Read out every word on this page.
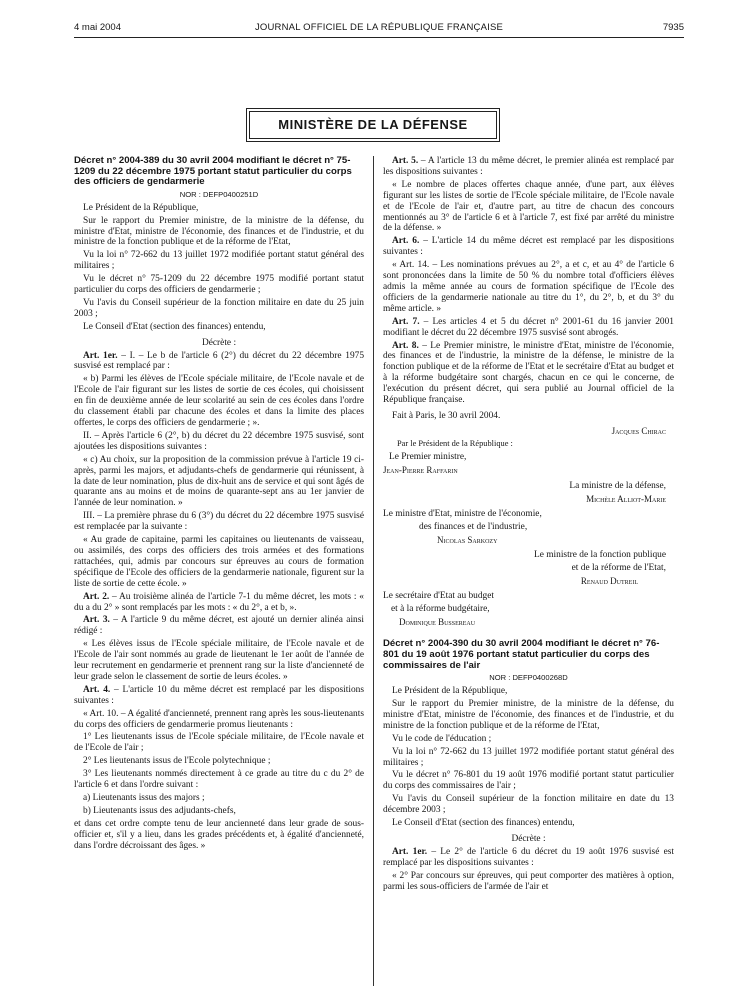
4 mai 2004	JOURNAL OFFICIEL DE LA RÉPUBLIQUE FRANÇAISE	7935
MINISTÈRE DE LA DÉFENSE

Décret n° 2004-389 du 30 avril 2004 modifiant le décret n° 75-1209 du 22 décembre 1975 portant statut particulier du corps des officiers de gendarmerie

NOR : DEFP0400251D

Le Président de la République,

Sur le rapport du Premier ministre, de la ministre de la défense, du ministre d'Etat, ministre de l'économie, des finances et de l'industrie, et du ministre de la fonction publique et de la réforme de l'Etat,

Vu la loi n° 72-662 du 13 juillet 1972 modifiée portant statut général des militaires ;

Vu le décret n° 75-1209 du 22 décembre 1975 modifié portant statut particulier du corps des officiers de gendarmerie ;

Vu l'avis du Conseil supérieur de la fonction militaire en date du 25 juin 2003 ;

Le Conseil d'Etat (section des finances) entendu,

Décrète :

Art. 1er. – I. – Le b de l'article 6 (2°) du décret du 22 décembre 1975 susvisé est remplacé par :

« b) Parmi les élèves de l'Ecole spéciale militaire, de l'Ecole navale et de l'Ecole de l'air figurant sur les listes de sortie de ces écoles, qui choisissent en fin de deuxième année de leur scolarité au sein de ces écoles dans l'ordre du classement établi par chacune des écoles et dans la limite des places offertes, le corps des officiers de gendarmerie ; ».

II. – Après l'article 6 (2°, b) du décret du 22 décembre 1975 susvisé, sont ajoutées les dispositions suivantes :

« c) Au choix, sur la proposition de la commission prévue à l'article 19 ci-après, parmi les majors, et adjudants-chefs de gendarmerie qui réunissent, à la date de leur nomination, plus de dix-huit ans de service et qui sont âgés de quarante ans au moins et de moins de quarante-sept ans au 1er janvier de l'année de leur nomination. »

III. – La première phrase du 6 (3°) du décret du 22 décembre 1975 susvisé est remplacée par la suivante :

« Au grade de capitaine, parmi les capitaines ou lieutenants de vaisseau, ou assimilés, des corps des officiers des trois armées et des formations rattachées, qui, admis par concours sur épreuves au cours de formation spécifique de l'Ecole des officiers de la gendarmerie nationale, figurent sur la liste de sortie de cette école. »

Art. 2. – Au troisième alinéa de l'article 7-1 du même décret, les mots : « du a du 2° » sont remplacés par les mots : « du 2°, a et b, ».

Art. 3. – A l'article 9 du même décret, est ajouté un dernier alinéa ainsi rédigé :

« Les élèves issus de l'Ecole spéciale militaire, de l'Ecole navale et de l'Ecole de l'air sont nommés au grade de lieutenant le 1er août de l'année de leur recrutement en gendarmerie et prennent rang sur la liste d'ancienneté de leur grade selon le classement de sortie de leurs écoles. »

Art. 4. – L'article 10 du même décret est remplacé par les dispositions suivantes :

« Art. 10. – A égalité d'ancienneté, prennent rang après les sous-lieutenants du corps des officiers de gendarmerie promus lieutenants :

1° Les lieutenants issus de l'Ecole spéciale militaire, de l'Ecole navale et de l'Ecole de l'air ;

2° Les lieutenants issus de l'Ecole polytechnique ;

3° Les lieutenants nommés directement à ce grade au titre du c du 2° de l'article 6 et dans l'ordre suivant :

a) Lieutenants issus des majors ;

b) Lieutenants issus des adjudants-chefs,

et dans cet ordre compte tenu de leur ancienneté dans leur grade de sous-officier et, s'il y a lieu, dans les grades précédents et, à égalité d'ancienneté, dans l'ordre décroissant des âges. »

Art. 5. – A l'article 13 du même décret, le premier alinéa est remplacé par les dispositions suivantes :

« Le nombre de places offertes chaque année, d'une part, aux élèves figurant sur les listes de sortie de l'Ecole spéciale militaire, de l'Ecole navale et de l'Ecole de l'air et, d'autre part, au titre de chacun des concours mentionnés au 3° de l'article 6 et à l'article 7, est fixé par arrêté du ministre de la défense. »

Art. 6. – L'article 14 du même décret est remplacé par les dispositions suivantes :

« Art. 14. – Les nominations prévues au 2°, a et c, et au 4° de l'article 6 sont prononcées dans la limite de 50 % du nombre total d'officiers élèves admis la même année au cours de formation spécifique de l'Ecole des officiers de la gendarmerie nationale au titre du 1°, du 2°, b, et du 3° du même article. »

Art. 7. – Les articles 4 et 5 du décret n° 2001-61 du 16 janvier 2001 modifiant le décret du 22 décembre 1975 susvisé sont abrogés.

Art. 8. – Le Premier ministre, le ministre d'Etat, ministre de l'économie, des finances et de l'industrie, la ministre de la défense, le ministre de la fonction publique et de la réforme de l'Etat et le secrétaire d'Etat au budget et à la réforme budgétaire sont chargés, chacun en ce qui le concerne, de l'exécution du présent décret, qui sera publié au Journal officiel de la République française.

Fait à Paris, le 30 avril 2004.

Jacques Chirac

Par le Président de la République :

Le Premier ministre,

Jean-Pierre Raffarin

La ministre de la défense,

Michèle Alliot-Marie

Le ministre d'Etat, ministre de l'économie,

des finances et de l'industrie,

Nicolas Sarkozy

Le ministre de la fonction publique

et de la réforme de l'Etat,

Renaud Dutreil

Le secrétaire d'Etat au budget

et à la réforme budgétaire,

Dominique Bussereau

Décret n° 2004-390 du 30 avril 2004 modifiant le décret n° 76-801 du 19 août 1976 portant statut particulier du corps des commissaires de l'air

NOR : DEFP0400268D

Le Président de la République,

Sur le rapport du Premier ministre, de la ministre de la défense, du ministre d'Etat, ministre de l'économie, des finances et de l'industrie, et du ministre de la fonction publique et de la réforme de l'Etat,

Vu le code de l'éducation ;

Vu la loi n° 72-662 du 13 juillet 1972 modifiée portant statut général des militaires ;

Vu le décret n° 76-801 du 19 août 1976 modifié portant statut particulier du corps des commissaires de l'air ;

Vu l'avis du Conseil supérieur de la fonction militaire en date du 13 décembre 2003 ;

Le Conseil d'Etat (section des finances) entendu,

Décrète :

Art. 1er. – Le 2° de l'article 6 du décret du 19 août 1976 susvisé est remplacé par les dispositions suivantes :

« 2° Par concours sur épreuves, qui peut comporter des matières à option, parmi les sous-officiers de l'armée de l'air et
